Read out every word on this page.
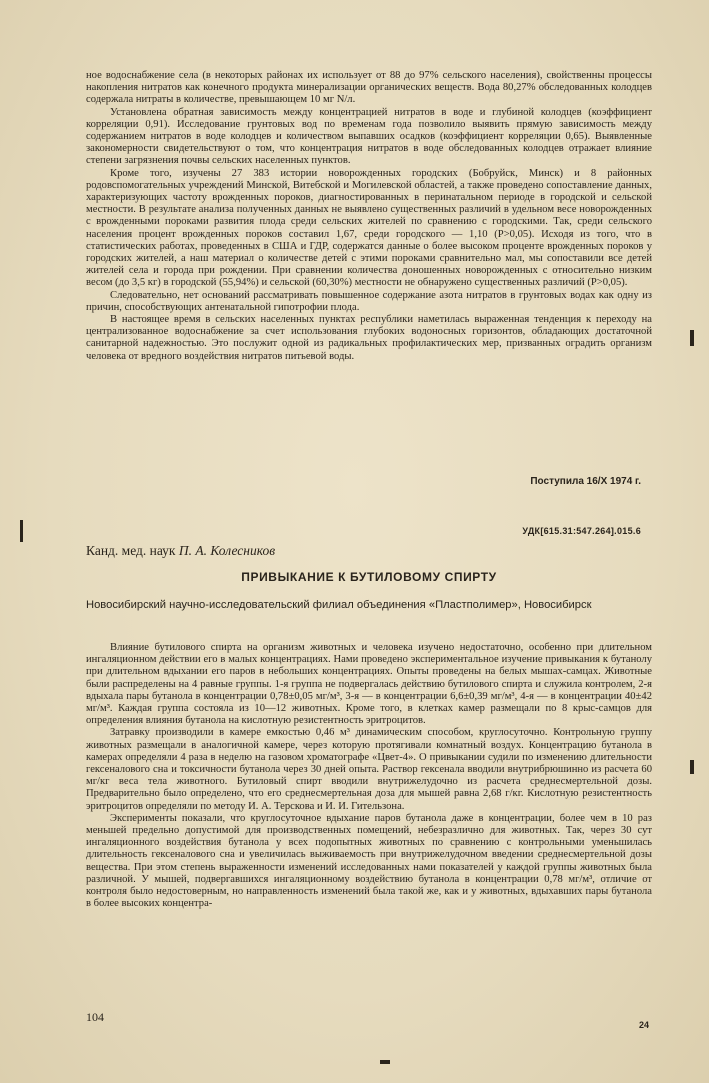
ное водоснабжение села (в некоторых районах их использует от 88 до 97% сельского населения), свойственны процессы накопления нитратов как конечного продукта минерализации органических веществ. Вода 80,27% обследованных колодцев содержала нитраты в количестве, превышающем 10 мг N/л.

Установлена обратная зависимость между концентрацией нитратов в воде и глубиной колодцев (коэффициент корреляции 0,91). Исследование грунтовых вод по временам года позволило выявить прямую зависимость между содержанием нитратов в воде колодцев и количеством выпавших осадков (коэффициент корреляции 0,65). Выявленные закономерности свидетельствуют о том, что концентрация нитратов в воде обследованных колодцев отражает влияние степени загрязнения почвы сельских населенных пунктов.

Кроме того, изучены 27 383 истории новорожденных городских (Бобруйск, Минск) и 8 районных родовспомогательных учреждений Минской, Витебской и Могилевской областей, а также проведено сопоставление данных, характеризующих частоту врожденных пороков, диагностированных в перинатальном периоде в городской и сельской местности. В результате анализа полученных данных не выявлено существенных различий в удельном весе новорожденных с врожденными пороками развития плода среди сельских жителей по сравнению с городскими. Так, среди сельского населения процент врожденных пороков составил 1,67, среди городского — 1,10 (P>0,05). Исходя из того, что в статистических работах, проведенных в США и ГДР, содержатся данные о более высоком проценте врожденных пороков у городских жителей, а наш материал о количестве детей с этими пороками сравнительно мал, мы сопоставили все детей жителей села и города при рождении. При сравнении количества доношенных новорожденных с относительно низким весом (до 3,5 кг) в городской (55,94%) и сельской (60,30%) местности не обнаружено существенных различий (P>0,05).

Следовательно, нет оснований рассматривать повышенное содержание азота нитратов в грунтовых водах как одну из причин, способствующих антенатальной гипотрофии плода.

В настоящее время в сельских населенных пунктах республики наметилась выраженная тенденция к переходу на централизованное водоснабжение за счет использования глубоких водоносных горизонтов, обладающих достаточной санитарной надежностью. Это послужит одной из радикальных профилактических мер, призванных оградить организм человека от вредного воздействия нитратов питьевой воды.

Поступила 16/X 1974 г.
УДК[615.31:547.264].015.6
Канд. мед. наук П. А. Колесников
ПРИВЫКАНИЕ К БУТИЛОВОМУ СПИРТУ
Новосибирский научно-исследовательский филиал объединения «Пластполимер», Новосибирск

Влияние бутилового спирта на организм животных и человека изучено недостаточно, особенно при длительном ингаляционном действии его в малых концентрациях. Нами проведено экспериментальное изучение привыкания к бутанолу при длительном вдыхании его паров в небольших концентрациях. Опыты проведены на белых мышах-самцах. Животные были распределены на 4 равные группы. 1-я группа не подвергалась действию бутилового спирта и служила контролем, 2-я вдыхала пары бутанола в концентрации 0,78±0,05 мг/м³, 3-я — в концентрации 6,6±0,39 мг/м³, 4-я — в концентрации 40±42 мг/м³. Каждая группа состояла из 10—12 животных. Кроме того, в клетках камер размещали по 8 крыс-самцов для определения влияния бутанола на кислотную резистентность эритроцитов.

Затравку производили в камере емкостью 0,46 м³ динамическим способом, круглосуточно. Контрольную группу животных размещали в аналогичной камере, через которую протягивали комнатный воздух. Концентрацию бутанола в камерах определяли 4 раза в неделю на газовом хроматографе «Цвет-4». О привыкании судили по изменению длительности гексеналового сна и токсичности бутанола через 30 дней опыта. Раствор гексенала вводили внутрибрюшинно из расчета 60 мг/кг веса тела животного. Бутиловый спирт вводили внутрижелудочно из расчета среднесмертельной дозы. Предварительно было определено, что его среднесмертельная доза для мышей равна 2,68 г/кг. Кислотную резистентность эритроцитов определяли по методу И. А. Терскова и И. И. Гительзона.

Эксперименты показали, что круглосуточное вдыхание паров бутанола даже в концентрации, более чем в 10 раз меньшей предельно допустимой для производственных помещений, небезразлично для животных. Так, через 30 сут ингаляционного воздействия бутанола у всех подопытных животных по сравнению с контрольными уменьшилась длительность гексеналового сна и увеличилась выживаемость при внутрижелудочном введении среднесмертельной дозы вещества. При этом степень выраженности изменений исследованных нами показателей у каждой группы животных была различной. У мышей, подвергавшихся ингаляционному воздействию бутанола в концентрации 0,78 мг/м³, отличие от контроля было недостоверным, но направленность изменений была такой же, как и у животных, вдыхавших пары бутанола в более высоких концентра-

104
24
